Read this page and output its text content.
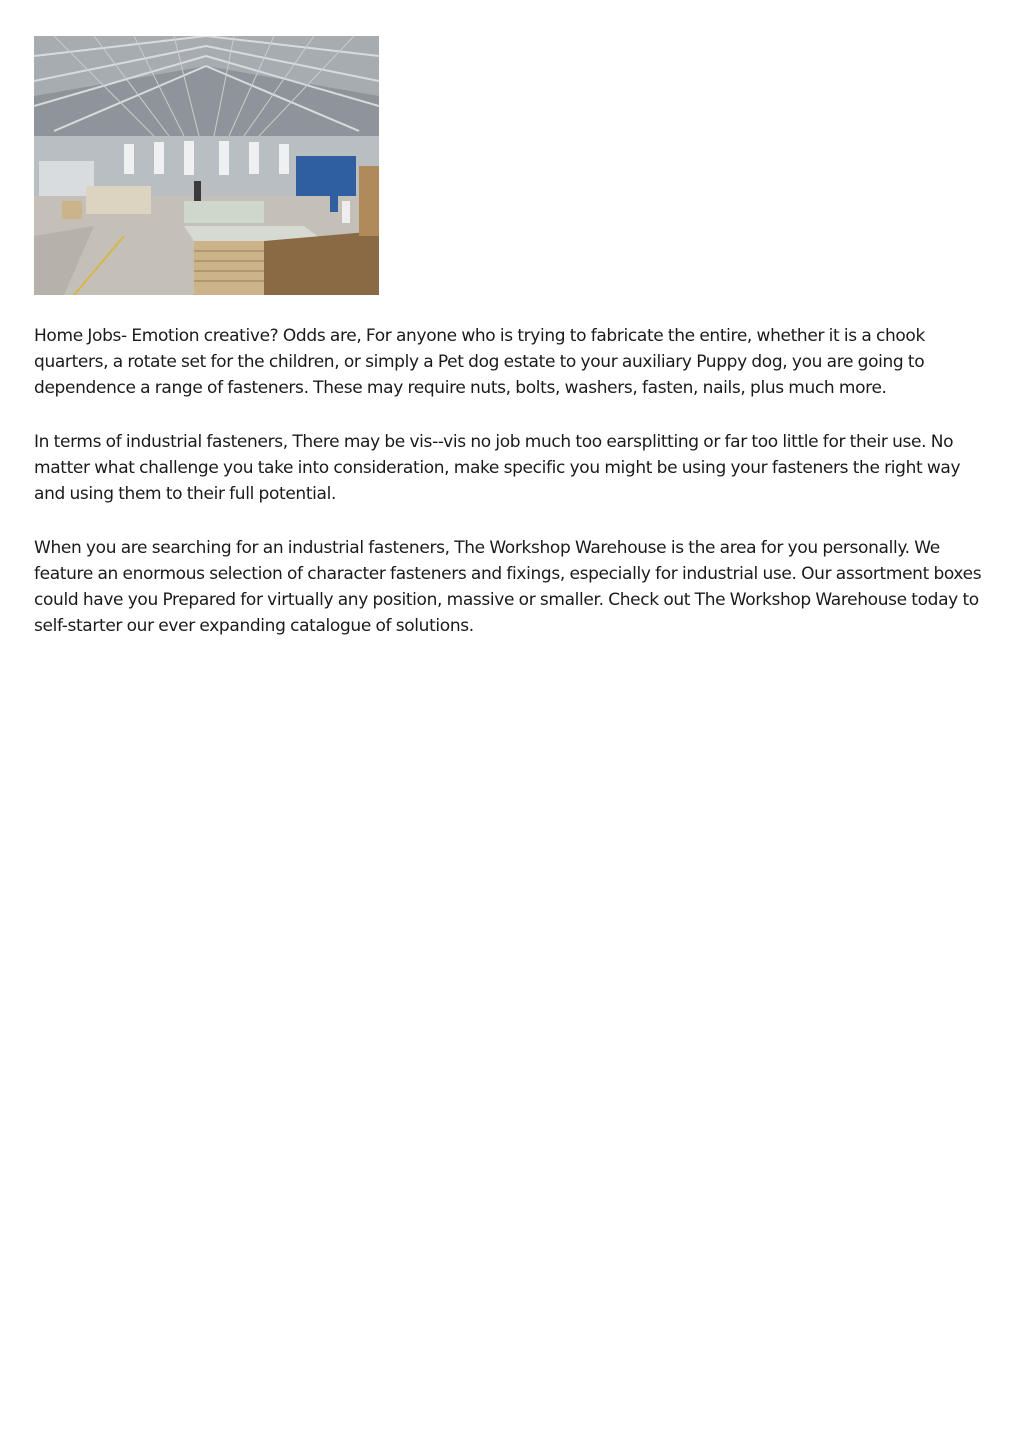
Home Jobs- Emotion creative? Odds are, For anyone who is trying to fabricate the entire, whether it is a chook quarters, a rotate set for the children, or simply a Pet dog estate to your auxiliary Puppy dog, you are going to dependence a range of fasteners. These may require nuts, bolts, washers, fasten, nails, plus much more.

In terms of industrial fasteners, There may be vis--vis no job much too earsplitting or far too little for their use. No matter what challenge you take into consideration, make specific you might be using your fasteners the right way and using them to their full potential.

When you are searching for an industrial fasteners, The Workshop Warehouse is the area for you personally. We feature an enormous selection of character fasteners and fixings, especially for industrial use. Our assortment boxes could have you Prepared for virtually any position, massive or smaller. Check out The Workshop Warehouse today to self-starter our ever expanding catalogue of solutions.
